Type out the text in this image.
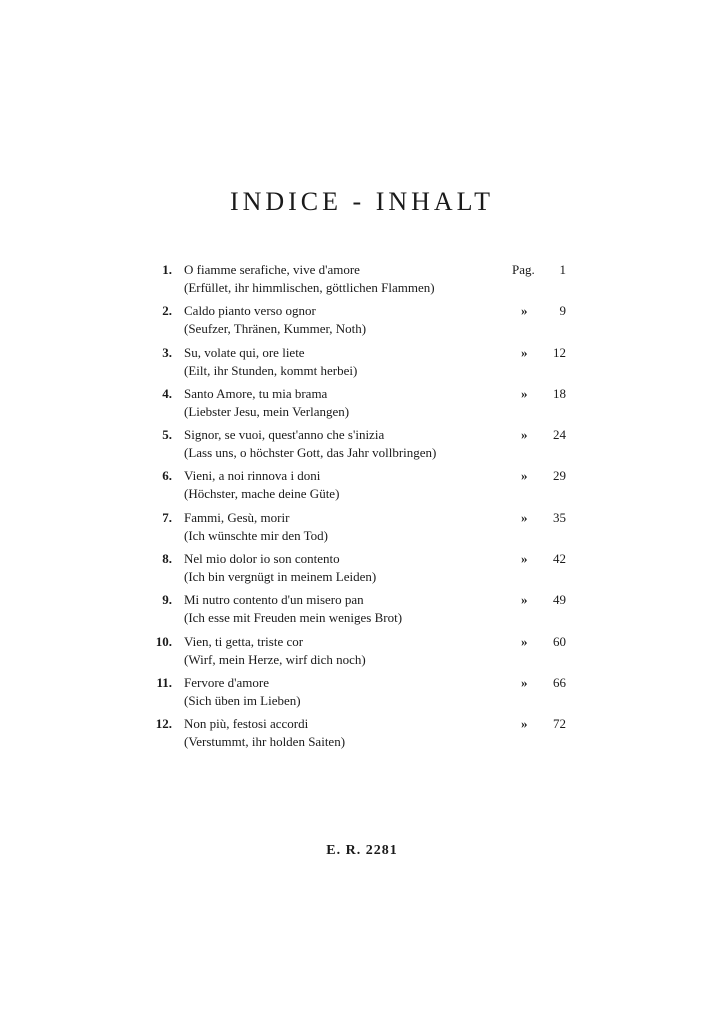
INDICE - INHALT
1. O fiamme serafiche, vive d'amore
(Erfüllet, ihr himmlischen, göttlichen Flammen)
Pag. 1
2. Caldo pianto verso ognor
(Seufzer, Thränen, Kummer, Noth)
» 9
3. Su, volate qui, ore liete
(Eilt, ihr Stunden, kommt herbei)
» 12
4. Santo Amore, tu mia brama
(Liebster Jesu, mein Verlangen)
» 18
5. Signor, se vuoi, quest'anno che s'inizia
(Lass uns, o höchster Gott, das Jahr vollbringen)
» 24
6. Vieni, a noi rinnova i doni
(Höchster, mache deine Güte)
» 29
7. Fammi, Gesù, morir
(Ich wünschte mir den Tod)
» 35
8. Nel mio dolor io son contento
(Ich bin vergnügt in meinem Leiden)
» 42
9. Mi nutro contento d'un misero pan
(Ich esse mit Freuden mein weniges Brot)
» 49
10. Vien, ti getta, triste cor
(Wirf, mein Herze, wirf dich noch)
» 60
11. Fervore d'amore
(Sich üben im Lieben)
» 66
12. Non più, festosi accordi
(Verstummt, ihr holden Saiten)
» 72
E. R. 2281
